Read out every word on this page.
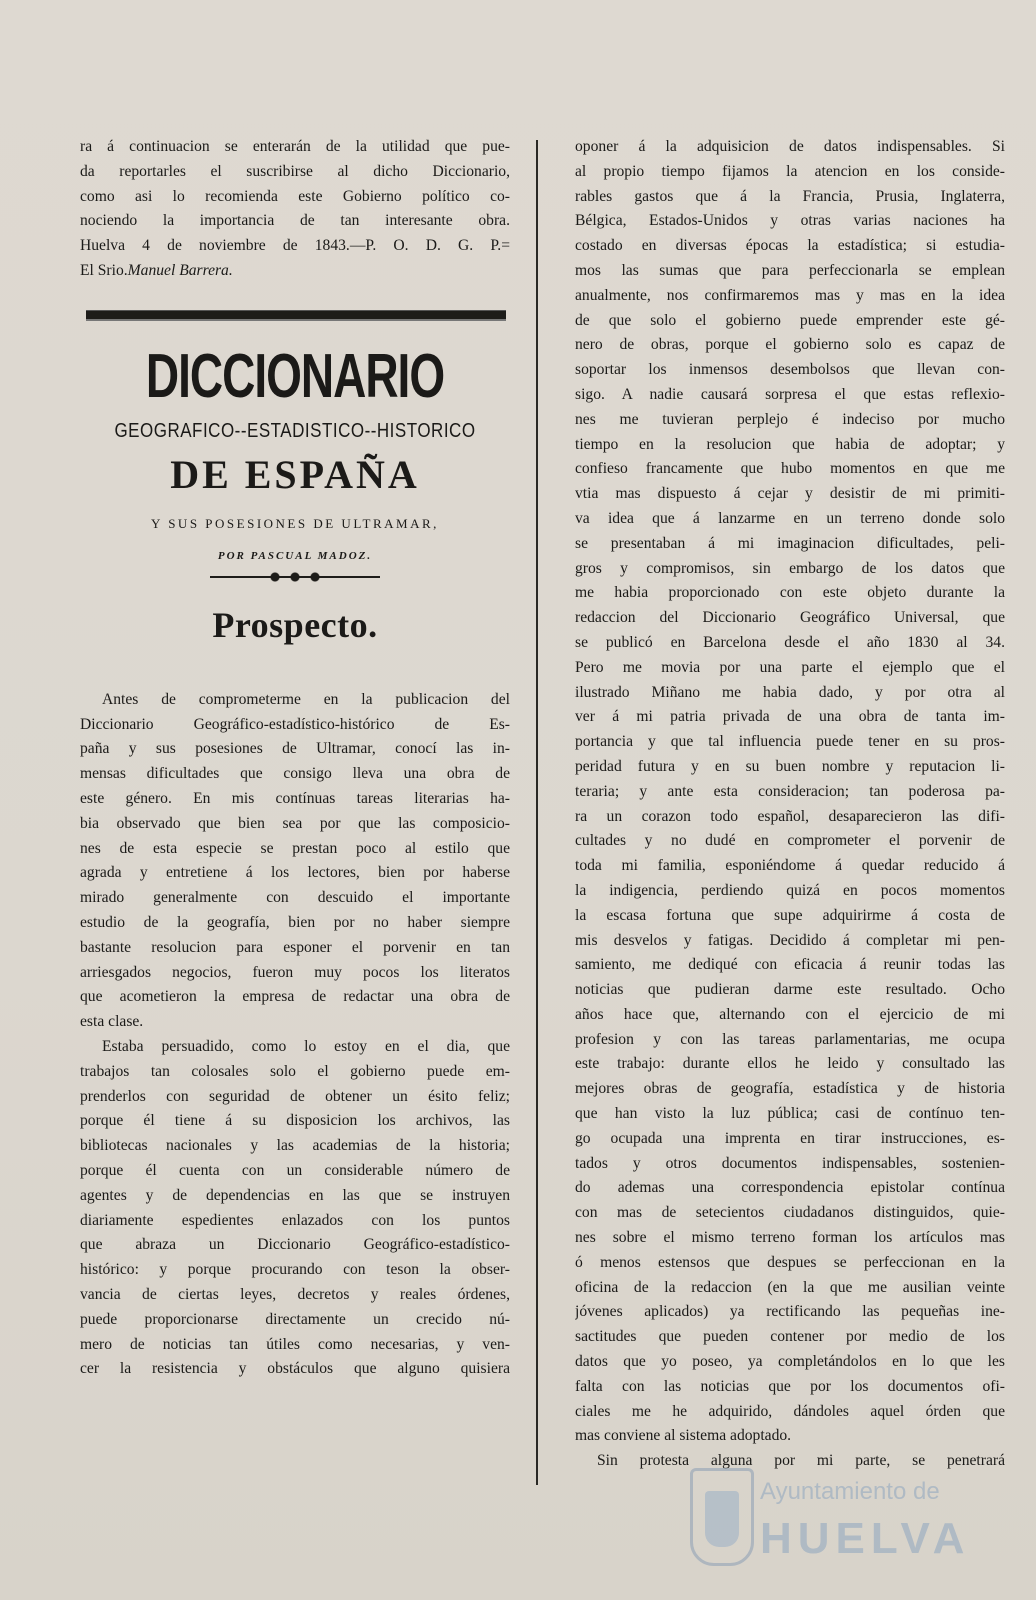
ra á continuacion se enterarán de la utilidad que pue-
da reportarles el suscribirse al dicho Diccionario,
como asi lo recomienda este Gobierno político co-
nociendo la importancia de tan interesante obra.
Huelva 4 de noviembre de 1843.—P. O. D. G. P.=
El Srio.Manuel Barrera.
DICCIONARIO
GEOGRAFICO--ESTADISTICO--HISTORICO
DE ESPAÑA
Y SUS POSESIONES DE ULTRAMAR,
POR PASCUAL MADOZ.
Prospecto.
Antes de comprometerme en la publicacion del
Diccionario Geográfico-estadístico-histórico de Es-
paña y sus posesiones de Ultramar, conocí las in-
mensas dificultades que consigo lleva una obra de
este género. En mis contínuas tareas literarias ha-
bia observado que bien sea por que las composicio-
nes de esta especie se prestan poco al estilo que
agrada y entretiene á los lectores, bien por haberse
mirado generalmente con descuido el importante
estudio de la geografía, bien por no haber siempre
bastante resolucion para esponer el porvenir en tan
arriesgados negocios, fueron muy pocos los literatos
que acometieron la empresa de redactar una obra de
esta clase.
Estaba persuadido, como lo estoy en el dia, que
trabajos tan colosales solo el gobierno puede em-
prenderlos con seguridad de obtener un ésito feliz;
porque él tiene á su disposicion los archivos, las
bibliotecas nacionales y las academias de la historia;
porque él cuenta con un considerable número de
agentes y de dependencias en las que se instruyen
diariamente espedientes enlazados con los puntos
que abraza un Diccionario Geográfico-estadístico-
histórico: y porque procurando con teson la obser-
vancia de ciertas leyes, decretos y reales órdenes,
puede proporcionarse directamente un crecido nú-
mero de noticias tan útiles como necesarias, y ven-
cer la resistencia y obstáculos que alguno quisiera
oponer á la adquisicion de datos indispensables. Si
al propio tiempo fijamos la atencion en los conside-
rables gastos que á la Francia, Prusia, Inglaterra,
Bélgica, Estados-Unidos y otras varias naciones ha
costado en diversas épocas la estadística; si estudia-
mos las sumas que para perfeccionarla se emplean
anualmente, nos confirmaremos mas y mas en la idea
de que solo el gobierno puede emprender este gé-
nero de obras, porque el gobierno solo es capaz de
soportar los inmensos desembolsos que llevan con-
sigo. A nadie causará sorpresa el que estas reflexio-
nes me tuvieran perplejo é indeciso por mucho
tiempo en la resolucion que habia de adoptar; y
confieso francamente que hubo momentos en que me
vtia mas dispuesto á cejar y desistir de mi primiti-
va idea que á lanzarme en un terreno donde solo
se presentaban á mi imaginacion dificultades, peli-
gros y compromisos, sin embargo de los datos que
me habia proporcionado con este objeto durante la
redaccion del Diccionario Geográfico Universal, que
se publicó en Barcelona desde el año 1830 al 34.
Pero me movia por una parte el ejemplo que el
ilustrado Miñano me habia dado, y por otra al
ver á mi patria privada de una obra de tanta im-
portancia y que tal influencia puede tener en su pros-
peridad futura y en su buen nombre y reputacion li-
teraria; y ante esta consideracion; tan poderosa pa-
ra un corazon todo español, desaparecieron las difi-
cultades y no dudé en comprometer el porvenir de
toda mi familia, esponiéndome á quedar reducido á
la indigencia, perdiendo quizá en pocos momentos
la escasa fortuna que supe adquirirme á costa de
mis desvelos y fatigas. Decidido á completar mi pen-
samiento, me dediqué con eficacia á reunir todas las
noticias que pudieran darme este resultado. Ocho
años hace que, alternando con el ejercicio de mi
profesion y con las tareas parlamentarias, me ocupa
este trabajo: durante ellos he leido y consultado las
mejores obras de geografía, estadística y de historia
que han visto la luz pública; casi de contínuo ten-
go ocupada una imprenta en tirar instrucciones, es-
tados y otros documentos indispensables, sostenien-
do ademas una correspondencia epistolar contínua
con mas de setecientos ciudadanos distinguidos, quie-
nes sobre el mismo terreno forman los artículos mas
ó menos estensos que despues se perfeccionan en la
oficina de la redaccion (en la que me ausilian veinte
jóvenes aplicados) ya rectificando las pequeñas ine-
sactitudes que pueden contener por medio de los
datos que yo poseo, ya completándolos en lo que les
falta con las noticias que por los documentos ofi-
ciales me he adquirido, dándoles aquel órden que
mas conviene al sistema adoptado.
Sin protesta alguna por mi parte, se penetrará
Ayuntamiento de
HUELVA
